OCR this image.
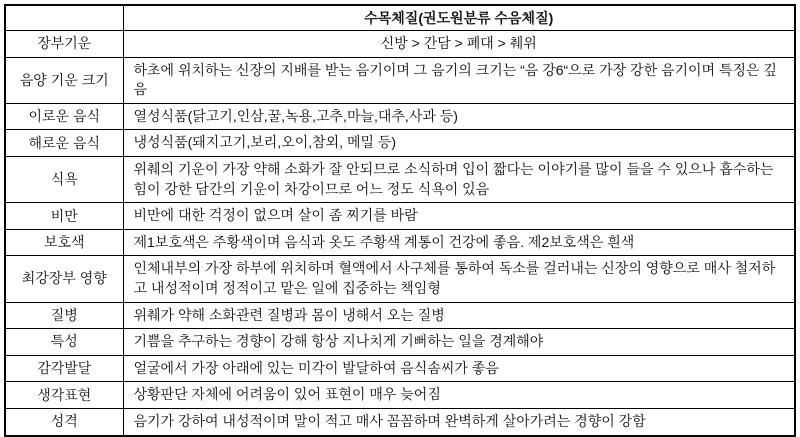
	수목체질(권도원분류 수음체질)
장부기운	신방 > 간담 > 폐대 > 췌위
음양 기운 크기	하초에 위치하는 신장의 지배를 받는 음기이며 그 음기의 크기는 “음 강6“으로 가장 강한 음기이며 특징은 깊음
이로운 음식	열성식품(닭고기,인삼,꿀,녹용,고추,마늘,대추,사과 등)
해로운 음식	냉성식품(돼지고기,보리,오이,참외, 메밀 등)
식욕	위췌의 기운이 가장 약해 소화가 잘 안되므로 소식하며 입이 짧다는 이야기를 많이 들을 수 있으나 흡수하는 힘이 강한 담간의 기운이 차강이므로 어느 정도 식욕이 있음
비만	비만에 대한 걱정이 없으며 살이 좀 찌기를 바람
보호색	제1보호색은 주황색이며 음식과 옷도 주황색 계통이 건강에 좋음. 제2보호색은 흰색
최강장부 영향	인체내부의 가장 하부에 위치하며 혈액에서 사구체를 통하여 독소를 걸러내는 신장의 영향으로 매사 철저하고 내성적이며 정적이고 맡은 일에 집중하는 책임형
질병	위췌가 약해 소화관련 질병과 몸이 냉해서 오는 질병
특성	기쁨을 추구하는 경향이 강해 항상 지나치게 기뻐하는 일을 경계해야
감각발달	얼굴에서 가장 아래에 있는 미각이 발달하여 음식솜씨가 좋음
생각표현	상황판단 자체에 어려움이 있어 표현이 매우 늦어짐
성격	음기가 강하여 내성적이며 말이 적고 매사 꼼꼼하며 완벽하게 살아가려는 경향이 강함
